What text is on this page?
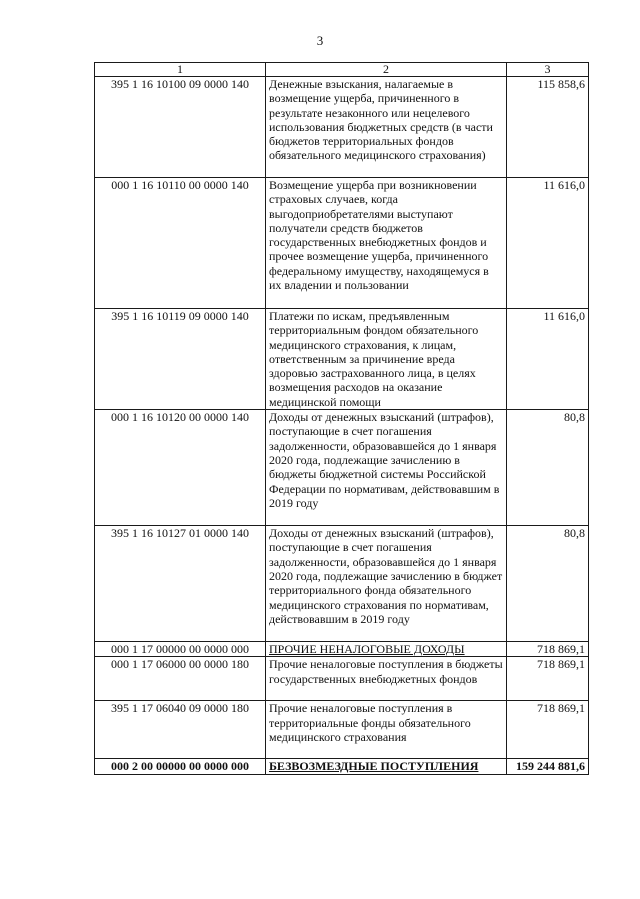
3
1	2	3
395 1 16 10100 09 0000 140	Денежные взыскания, налагаемые в возмещение ущерба, причиненного в результате незаконного или нецелевого использования бюджетных средств (в части бюджетов территориальных фондов обязательного медицинского страхования)	115 858,6
000 1 16 10110 00 0000 140	Возмещение ущерба при возникновении страховых случаев, когда выгодоприобретателями выступают получатели средств бюджетов государственных внебюджетных фондов и прочее возмещение ущерба, причиненного федеральному имуществу, находящемуся в их владении и пользовании	11 616,0
395 1 16 10119 09 0000 140	Платежи по искам, предъявленным территориальным фондом обязательного медицинского страхования, к лицам, ответственным за причинение вреда здоровью застрахованного лица, в целях возмещения расходов на оказание медицинской помощи	11 616,0
000 1 16 10120 00 0000 140	Доходы от денежных взысканий (штрафов), поступающие в счет погашения задолженности, образовавшейся до 1 января 2020 года, подлежащие зачислению в бюджеты бюджетной системы Российской Федерации по нормативам, действовавшим в 2019 году	80,8
395 1 16 10127 01 0000 140	Доходы от денежных взысканий (штрафов), поступающие в счет погашения задолженности, образовавшейся до 1 января 2020 года, подлежащие зачислению в бюджет территориального фонда обязательного медицинского страхования по нормативам, действовавшим в 2019 году	80,8
000 1 17 00000 00 0000 000	ПРОЧИЕ НЕНАЛОГОВЫЕ ДОХОДЫ	718 869,1
000 1 17 06000 00 0000 180	Прочие неналоговые поступления в бюджеты государственных внебюджетных фондов	718 869,1
395 1 17 06040 09 0000 180	Прочие неналоговые поступления в территориальные фонды обязательного медицинского страхования	718 869,1
000 2 00 00000 00 0000 000	БЕЗВОЗМЕЗДНЫЕ ПОСТУПЛЕНИЯ	159 244 881,6
